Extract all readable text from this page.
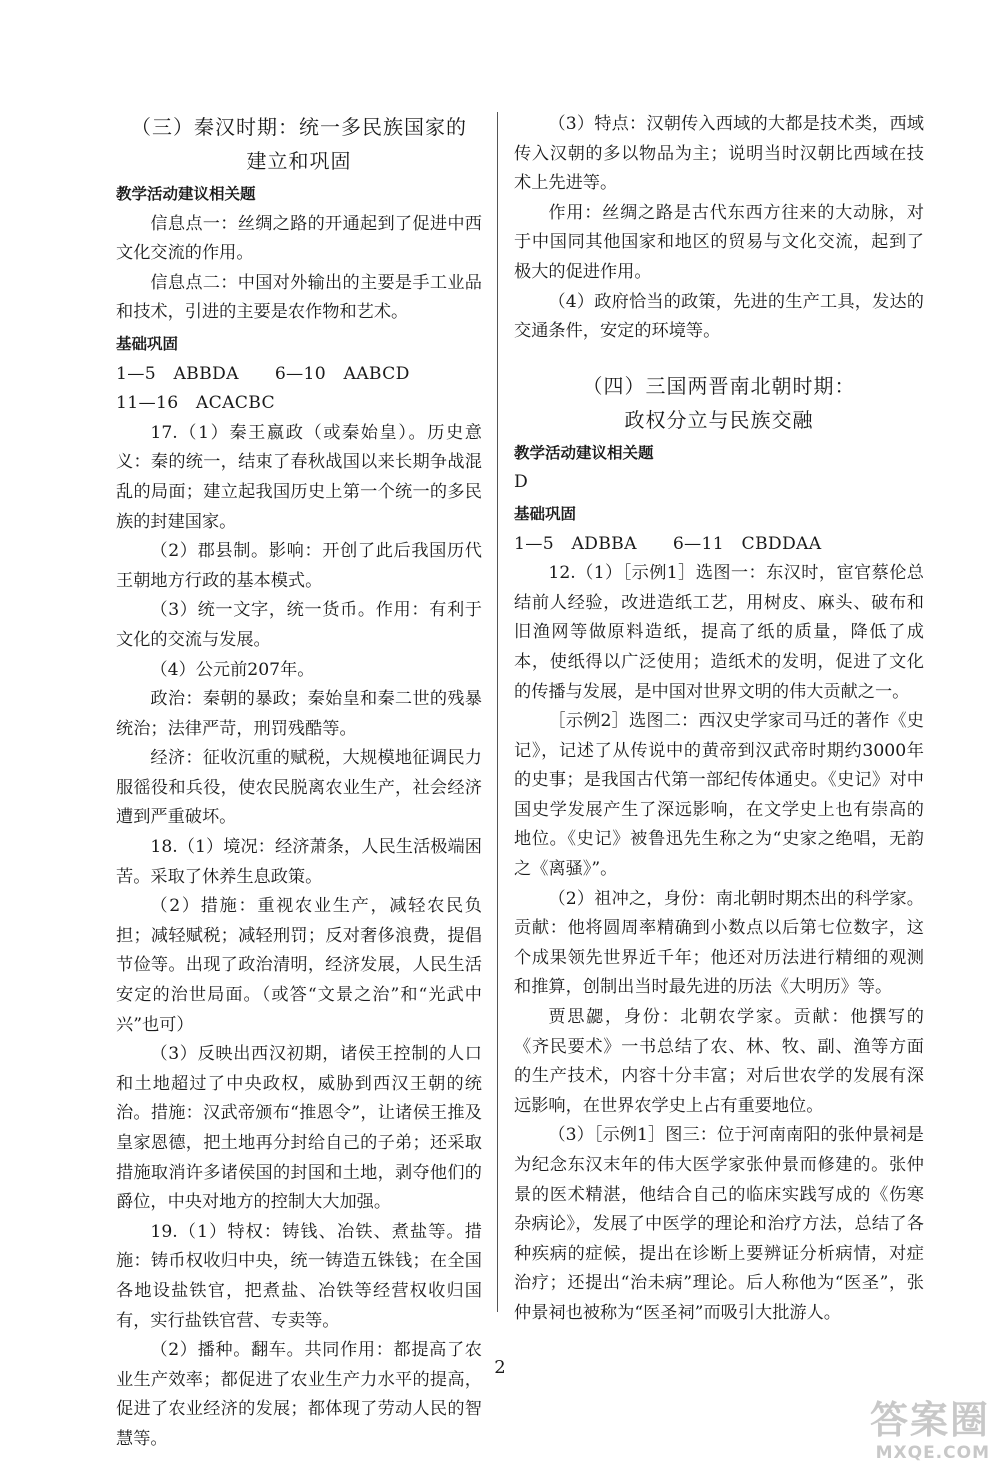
（三）秦汉时期：统一多民族国家的
建立和巩固
教学活动建议相关题
信息点一：丝绸之路的开通起到了促进中西文化交流的作用。
信息点二：中国对外输出的主要是手工业品和技术，引进的主要是农作物和艺术。
基础巩固
1—5　ABBDA 6—10　AABCD
11—16　ACACBC
17.（1）秦王嬴政（或秦始皇）。历史意义：秦的统一，结束了春秋战国以来长期争战混乱的局面；建立起我国历史上第一个统一的多民族的封建国家。
（2）郡县制。影响：开创了此后我国历代王朝地方行政的基本模式。
（3）统一文字，统一货币。作用：有利于文化的交流与发展。
（4）公元前207年。
政治：秦朝的暴政；秦始皇和秦二世的残暴统治；法律严苛，刑罚残酷等。
经济：征收沉重的赋税，大规模地征调民力服徭役和兵役，使农民脱离农业生产，社会经济遭到严重破坏。
18.（1）境况：经济萧条，人民生活极端困苦。采取了休养生息政策。
（2）措施：重视农业生产，减轻农民负担；减轻赋税；减轻刑罚；反对奢侈浪费，提倡节俭等。出现了政治清明，经济发展，人民生活安定的治世局面。（或答“文景之治”和“光武中兴”也可）
（3）反映出西汉初期，诸侯王控制的人口和土地超过了中央政权，威胁到西汉王朝的统治。措施：汉武帝颁布“推恩令”，让诸侯王推及皇家恩德，把土地再分封给自己的子弟；还采取措施取消许多诸侯国的封国和土地，剥夺他们的爵位，中央对地方的控制大大加强。
19.（1）特权：铸钱、冶铁、煮盐等。措施：铸币权收归中央，统一铸造五铢钱；在全国各地设盐铁官，把煮盐、冶铁等经营权收归国有，实行盐铁官营、专卖等。
（2）播种。翻车。共同作用：都提高了农业生产效率；都促进了农业生产力水平的提高，促进了农业经济的发展；都体现了劳动人民的智慧等。
（3）特点：汉朝传入西域的大都是技术类，西域传入汉朝的多以物品为主；说明当时汉朝比西域在技术上先进等。
作用：丝绸之路是古代东西方往来的大动脉，对于中国同其他国家和地区的贸易与文化交流，起到了极大的促进作用。
（4）政府恰当的政策，先进的生产工具，发达的交通条件，安定的环境等。
（四）三国两晋南北朝时期：
政权分立与民族交融
教学活动建议相关题
D
基础巩固
1—5　ADBBA 6—11　CBDDAA
12.（1）［示例1］选图一：东汉时，宦官蔡伦总结前人经验，改进造纸工艺，用树皮、麻头、破布和旧渔网等做原料造纸，提高了纸的质量，降低了成本，使纸得以广泛使用；造纸术的发明，促进了文化的传播与发展，是中国对世界文明的伟大贡献之一。
［示例2］选图二：西汉史学家司马迁的著作《史记》，记述了从传说中的黄帝到汉武帝时期约3000年的史事；是我国古代第一部纪传体通史。《史记》对中国史学发展产生了深远影响，在文学史上也有崇高的地位。《史记》被鲁迅先生称之为“史家之绝唱，无韵之《离骚》”。
（2）祖冲之，身份：南北朝时期杰出的科学家。贡献：他将圆周率精确到小数点以后第七位数字，这个成果领先世界近千年；他还对历法进行精细的观测和推算，创制出当时最先进的历法《大明历》等。
贾思勰，身份：北朝农学家。贡献：他撰写的《齐民要术》一书总结了农、林、牧、副、渔等方面的生产技术，内容十分丰富；对后世农学的发展有深远影响，在世界农学史上占有重要地位。
（3）［示例1］图三：位于河南南阳的张仲景祠是为纪念东汉末年的伟大医学家张仲景而修建的。张仲景的医术精湛，他结合自己的临床实践写成的《伤寒杂病论》，发展了中医学的理论和治疗方法，总结了各种疾病的症候，提出在诊断上要辨证分析病情，对症治疗；还提出“治未病”理论。后人称他为“医圣”，张仲景祠也被称为“医圣祠”而吸引大批游人。
2
答案圈
MXQE.COM
